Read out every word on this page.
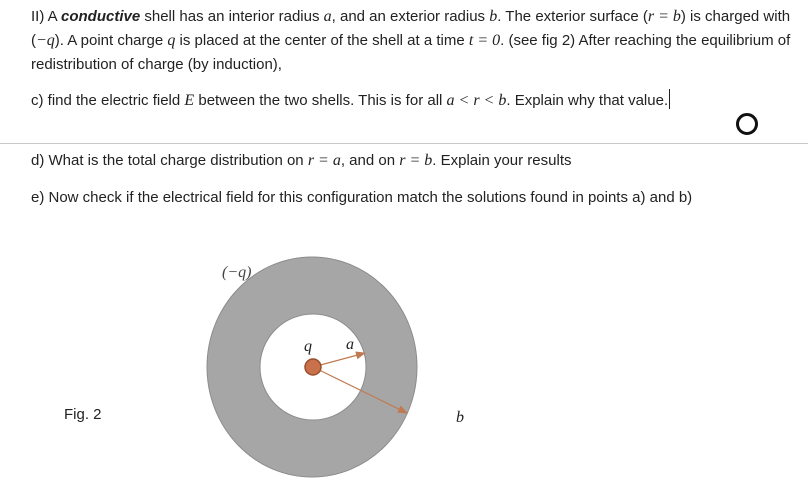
II) A conductive shell has an interior radius a, and an exterior radius b. The exterior surface (r = b) is charged with (−q). A point charge q is placed at the center of the shell at a time t = 0. (see fig 2) After reaching the equilibrium of redistribution of charge (by induction),
c) find the electric field E between the two shells. This is for all a < r < b. Explain why that value.
d) What is the total charge distribution on r = a, and on r = b. Explain your results
e) Now check if the electrical field for this configuration match the solutions found in points a) and b)
Fig. 2
(−q)
q a
b
